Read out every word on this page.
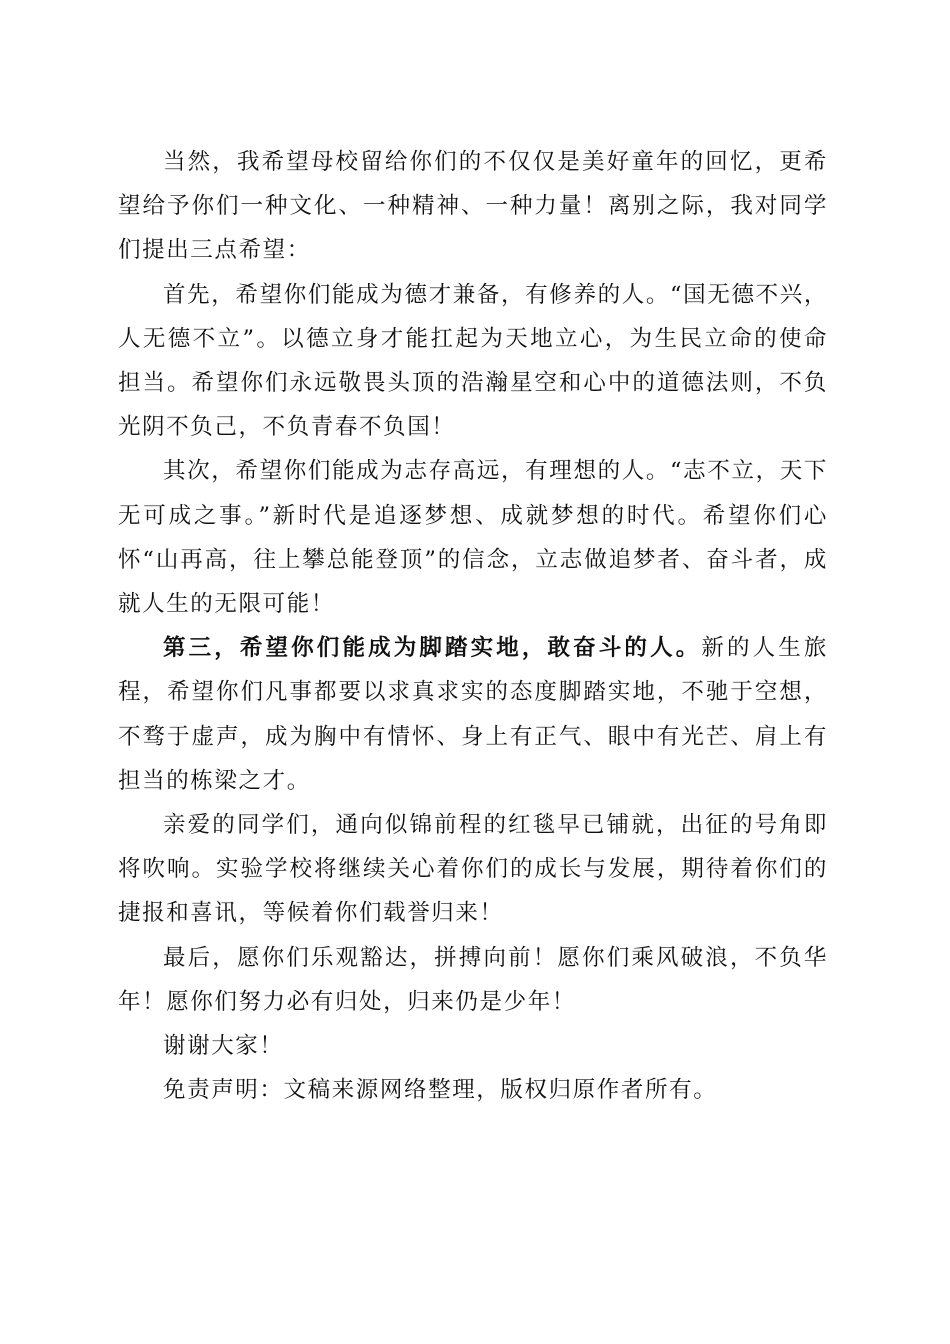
当然，我希望母校留给你们的不仅仅是美好童年的回忆，更希望给予你们一种文化、一种精神、一种力量！离别之际，我对同学们提出三点希望：

首先，希望你们能成为德才兼备，有修养的人。“国无德不兴，人无德不立”。以德立身才能扛起为天地立心，为生民立命的使命担当。希望你们永远敬畏头顶的浩瀚星空和心中的道德法则，不负光阴不负己，不负青春不负国！

其次，希望你们能成为志存高远，有理想的人。“志不立，天下无可成之事。”新时代是追逐梦想、成就梦想的时代。希望你们心怀“山再高，往上攀总能登顶”的信念，立志做追梦者、奋斗者，成就人生的无限可能！

第三，希望你们能成为脚踏实地，敢奋斗的人。新的人生旅程，希望你们凡事都要以求真求实的态度脚踏实地，不驰于空想，不骛于虚声，成为胸中有情怀、身上有正气、眼中有光芒、肩上有担当的栋梁之才。

亲爱的同学们，通向似锦前程的红毯早已铺就，出征的号角即将吹响。实验学校将继续关心着你们的成长与发展，期待着你们的捷报和喜讯，等候着你们载誉归来！

最后，愿你们乐观豁达，拼搏向前！愿你们乘风破浪，不负华年！愿你们努力必有归处，归来仍是少年！

谢谢大家！

免责声明：文稿来源网络整理，版权归原作者所有。
